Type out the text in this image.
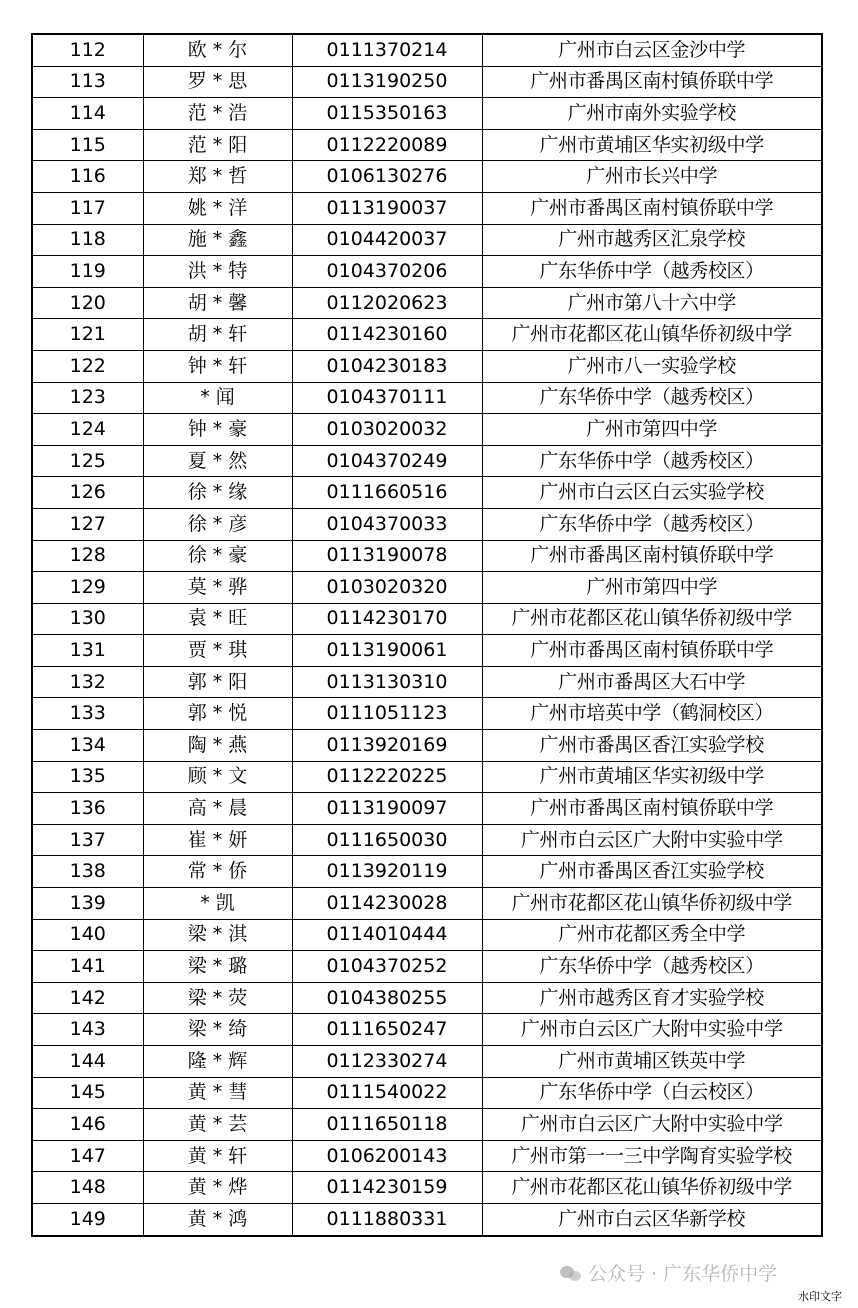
112	欧 * 尔	0111370214	广州市白云区金沙中学
113	罗 * 思	0113190250	广州市番禺区南村镇侨联中学
114	范 * 浩	0115350163	广州市南外实验学校
115	范 * 阳	0112220089	广州市黄埔区华实初级中学
116	郑 * 哲	0106130276	广州市长兴中学
117	姚 * 洋	0113190037	广州市番禺区南村镇侨联中学
118	施 * 鑫	0104420037	广州市越秀区汇泉学校
119	洪 * 特	0104370206	广东华侨中学（越秀校区）
120	胡 * 馨	0112020623	广州市第八十六中学
121	胡 * 轩	0114230160	广州市花都区花山镇华侨初级中学
122	钟 * 轩	0104230183	广州市八一实验学校
123	* 闻	0104370111	广东华侨中学（越秀校区）
124	钟 * 豪	0103020032	广州市第四中学
125	夏 * 然	0104370249	广东华侨中学（越秀校区）
126	徐 * 缘	0111660516	广州市白云区白云实验学校
127	徐 * 彦	0104370033	广东华侨中学（越秀校区）
128	徐 * 豪	0113190078	广州市番禺区南村镇侨联中学
129	莫 * 骅	0103020320	广州市第四中学
130	袁 * 旺	0114230170	广州市花都区花山镇华侨初级中学
131	贾 * 琪	0113190061	广州市番禺区南村镇侨联中学
132	郭 * 阳	0113130310	广州市番禺区大石中学
133	郭 * 悦	0111051123	广州市培英中学（鹤洞校区）
134	陶 * 燕	0113920169	广州市番禺区香江实验学校
135	顾 * 文	0112220225	广州市黄埔区华实初级中学
136	高 * 晨	0113190097	广州市番禺区南村镇侨联中学
137	崔 * 妍	0111650030	广州市白云区广大附中实验中学
138	常 * 侨	0113920119	广州市番禺区香江实验学校
139	* 凯	0114230028	广州市花都区花山镇华侨初级中学
140	梁 * 淇	0114010444	广州市花都区秀全中学
141	梁 * 璐	0104370252	广东华侨中学（越秀校区）
142	梁 * 荧	0104380255	广州市越秀区育才实验学校
143	梁 * 绮	0111650247	广州市白云区广大附中实验中学
144	隆 * 辉	0112330274	广州市黄埔区铁英中学
145	黄 * 彗	0111540022	广东华侨中学（白云校区）
146	黄 * 芸	0111650118	广州市白云区广大附中实验中学
147	黄 * 轩	0106200143	广州市第一一三中学陶育实验学校
148	黄 * 烨	0114230159	广州市花都区花山镇华侨初级中学
149	黄 * 鸿	0111880331	广州市白云区华新学校
公众号 · 广东华侨中学
水印文字
